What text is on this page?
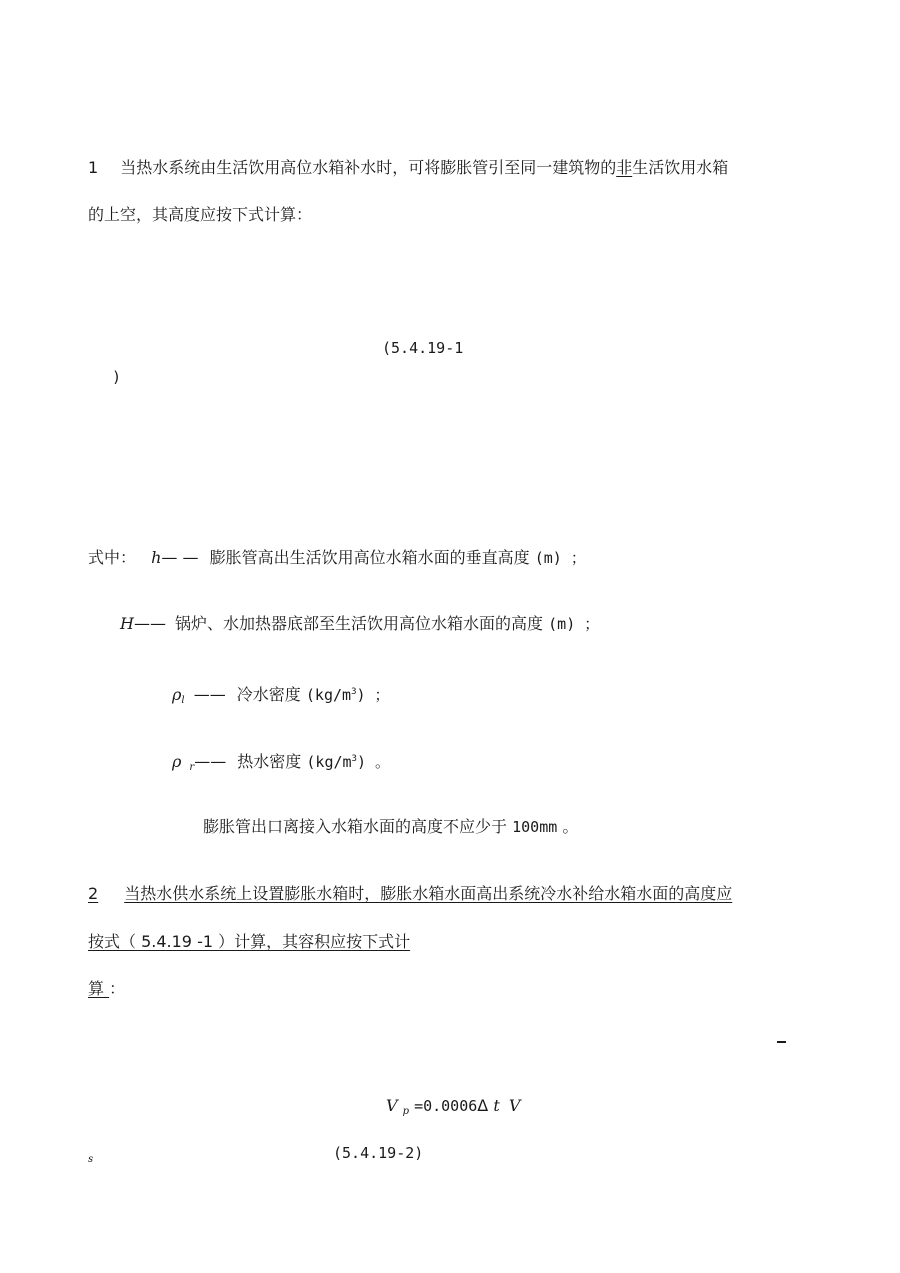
1 当热水系统由生活饮用高位水箱补水时，可将膨胀管引至同一建筑物的非生活饮用水箱
的上空，其高度应按下式计算：
(5.4.19-1
)
式中： h— — 膨胀管高出生活饮用高位水箱水面的垂直高度 (m) ；
H—— 锅炉、水加热器底部至生活饮用高位水箱水面的高度 (m) ；
$\rho_l$ —— 冷水密度 $(kg/m^3)$ ；
ρ $_r$—— 热水密度 $(kg/m^3)$ 。
膨胀管出口离接入水箱水面的高度不应少于 100mm 。
2 当热水供水系统上设置膨胀水箱时，膨胀水箱水面高出系统冷水补给水箱水面的高度应
按式（ 5.4.19 -1 ）计算，其容积应按下式计
算 ：
V $_p$ =0.0006Δ t V
s	(5.4.19-2)
